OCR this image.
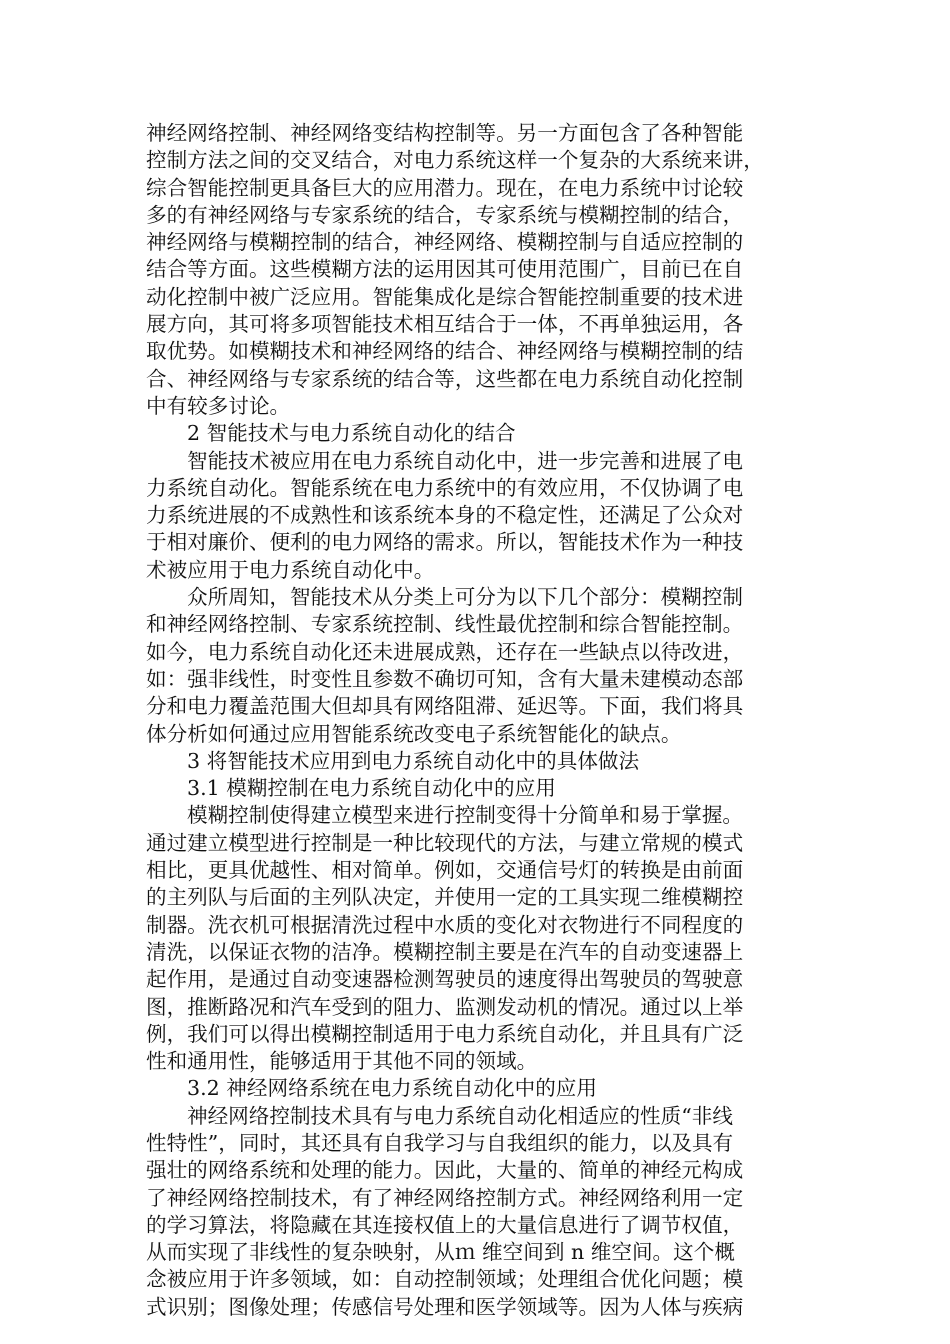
神经网络控制、神经网络变结构控制等。另一方面包含了各种智能
控制方法之间的交叉结合，对电力系统这样一个复杂的大系统来讲，
综合智能控制更具备巨大的应用潜力。现在，在电力系统中讨论较
多的有神经网络与专家系统的结合，专家系统与模糊控制的结合，
神经网络与模糊控制的结合，神经网络、模糊控制与自适应控制的
结合等方面。这些模糊方法的运用因其可使用范围广，目前已在自
动化控制中被广泛应用。智能集成化是综合智能控制重要的技术进
展方向，其可将多项智能技术相互结合于一体，不再单独运用，各
取优势。如模糊技术和神经网络的结合、神经网络与模糊控制的结
合、神经网络与专家系统的结合等，这些都在电力系统自动化控制
中有较多讨论。
2 智能技术与电力系统自动化的结合
智能技术被应用在电力系统自动化中，进一步完善和进展了电
力系统自动化。智能系统在电力系统中的有效应用，不仅协调了电
力系统进展的不成熟性和该系统本身的不稳定性，还满足了公众对
于相对廉价、便利的电力网络的需求。所以，智能技术作为一种技
术被应用于电力系统自动化中。
众所周知，智能技术从分类上可分为以下几个部分：模糊控制
和神经网络控制、专家系统控制、线性最优控制和综合智能控制。
如今，电力系统自动化还未进展成熟，还存在一些缺点以待改进，
如：强非线性，时变性且参数不确切可知，含有大量未建模动态部
分和电力覆盖范围大但却具有网络阻滞、延迟等。下面，我们将具
体分析如何通过应用智能系统改变电子系统智能化的缺点。
3 将智能技术应用到电力系统自动化中的具体做法
3.1 模糊控制在电力系统自动化中的应用
模糊控制使得建立模型来进行控制变得十分简单和易于掌握。
通过建立模型进行控制是一种比较现代的方法，与建立常规的模式
相比，更具优越性、相对简单。例如，交通信号灯的转换是由前面
的主列队与后面的主列队决定，并使用一定的工具实现二维模糊控
制器。洗衣机可根据清洗过程中水质的变化对衣物进行不同程度的
清洗，以保证衣物的洁净。模糊控制主要是在汽车的自动变速器上
起作用，是通过自动变速器检测驾驶员的速度得出驾驶员的驾驶意
图，推断路况和汽车受到的阻力、监测发动机的情况。通过以上举
例，我们可以得出模糊控制适用于电力系统自动化，并且具有广泛
性和通用性，能够适用于其他不同的领域。
3.2 神经网络系统在电力系统自动化中的应用
神经网络控制技术具有与电力系统自动化相适应的性质“非线
性特性”，同时，其还具有自我学习与自我组织的能力，以及具有
强壮的网络系统和处理的能力。因此，大量的、简单的神经元构成
了神经网络控制技术，有了神经网络控制方式。神经网络利用一定
的学习算法，将隐藏在其连接权值上的大量信息进行了调节权值，
从而实现了非线性的复杂映射，从ｍ 维空间到 n 维空间。这个概
念被应用于许多领域，如：自动控制领域；处理组合优化问题；模
式识别；图像处理；传感信号处理和医学领域等。因为人体与疾病
